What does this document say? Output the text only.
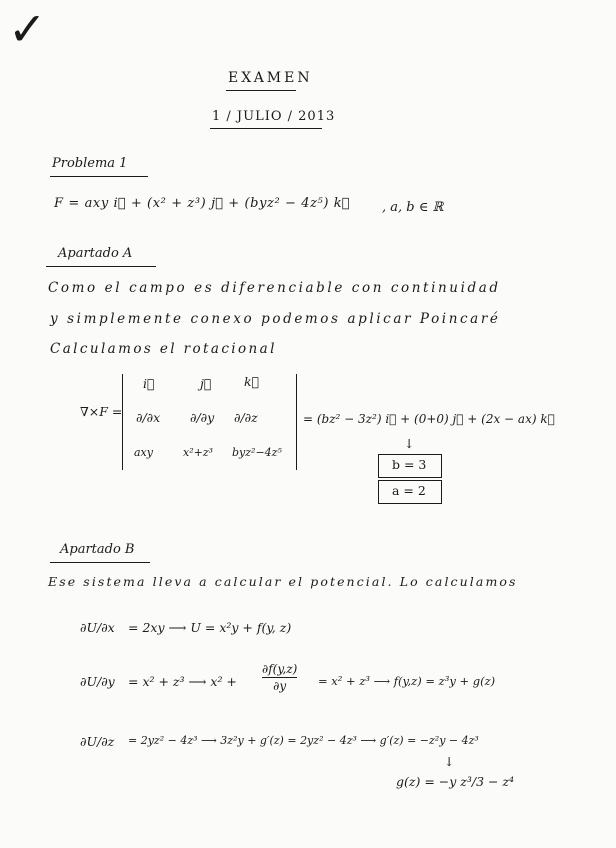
✓
EXAMEN
1 / JULIO / 2013
Problema 1
F = axy i⃗ + (x² + z³) j⃗ + (byz² − 4z⁵) k⃗ , a, b ∈ ℝ
Apartado A
Como el campo es diferenciable con continuidad
y simplemente conexo podemos aplicar Poincaré
Calculamos el rotacional
∇×F =
i⃗	j⃗	k⃗
∂/∂x ∂/∂y ∂/∂z
axy	x²+z³ byz²−4z⁵
= (bz² − 3z²) i⃗ + (0+0) j⃗ + (2x − ax) k⃗
↓
b = 3
a = 2
Apartado B
Ese sistema lleva a calcular el potencial. Lo calculamos
∂U/∂x = 2xy ⟶ U = x²y + f(y, z)
∂U/∂y = x² + z³ ⟶ x² +
∂f(y,z)
∂y	= x² + z³ ⟶ f(y,z) = z³y + g(z)
∂U/∂z = 2yz² − 4z³ ⟶ 3z²y + g′(z) = 2yz² − 4z³ ⟶ g′(z) = −z²y − 4z³
↓
g(z) = −y z³/3 − z⁴
